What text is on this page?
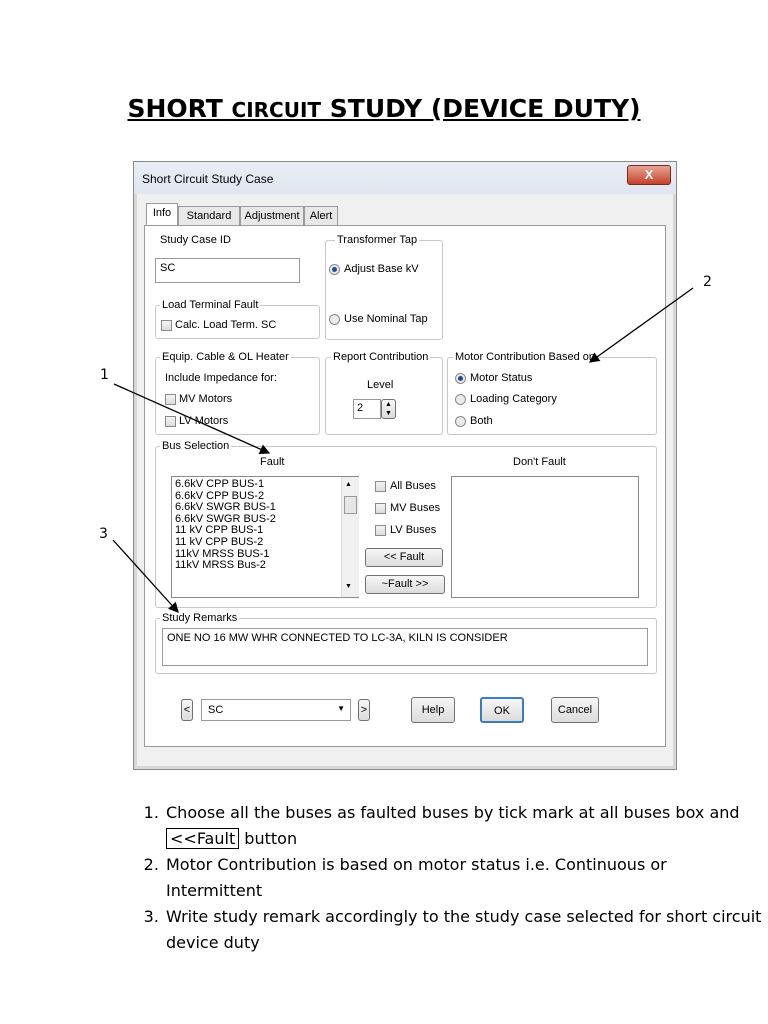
SHORT CIRCUIT STUDY (DEVICE DUTY)
Short Circuit Study Case	X
Info	Standard	Adjustment Alert
Study Case ID
SC
Transformer Tap
Adjust Base kV
Use Nominal Tap
Load Terminal Fault
Calc. Load Term. SC
Equip. Cable & OL Heater
Include Impedance for:
MV Motors
LV Motors
Report Contribution
Level
2	▲
▼
Motor Contribution Based on
Motor Status
Loading Category
Both
Bus Selection
Fault	Don't Fault
6.6kV CPP BUS-1
6.6kV CPP BUS-2
6.6kV SWGR BUS-1
6.6kV SWGR BUS-2
11 kV CPP BUS-1
11 kV CPP BUS-2
11kV MRSS BUS-1
11kV MRSS Bus-2
▲
▼
All Buses
MV Buses
LV Buses
<< Fault
~Fault >>
Study Remarks
ONE NO 16 MW WHR CONNECTED TO LC-3A, KILN IS CONSIDER
<	SC	▼ >	Help	OK	Cancel
1
2
3
1. Choose all the buses as faulted buses by tick mark at all buses box and <<Fault button
2. Motor Contribution is based on motor status i.e. Continuous or Intermittent
3. Write study remark accordingly to the study case selected for short circuit device duty
